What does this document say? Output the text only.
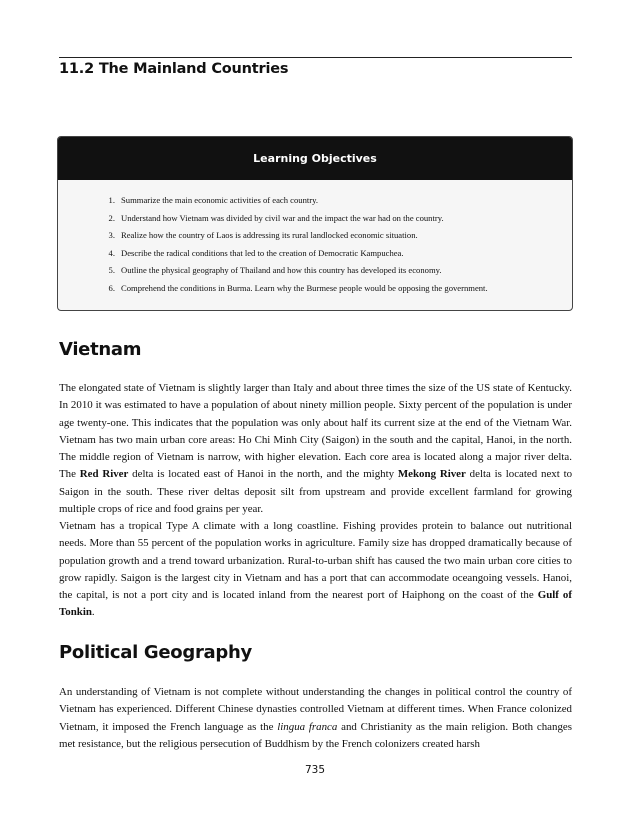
11.2 The Mainland Countries
Learning Objectives
1. Summarize the main economic activities of each country.
2. Understand how Vietnam was divided by civil war and the impact the war had on the country.
3. Realize how the country of Laos is addressing its rural landlocked economic situation.
4. Describe the radical conditions that led to the creation of Democratic Kampuchea.
5. Outline the physical geography of Thailand and how this country has developed its economy.
6. Comprehend the conditions in Burma. Learn why the Burmese people would be opposing the government.
Vietnam

The elongated state of Vietnam is slightly larger than Italy and about three times the size of the US state of Kentucky. In 2010 it was estimated to have a population of about ninety million people. Sixty percent of the population is under age twenty-one. This indicates that the population was only about half its current size at the end of the Vietnam War. Vietnam has two main urban core areas: Ho Chi Minh City (Saigon) in the south and the capital, Hanoi, in the north. The middle region of Vietnam is narrow, with higher elevation. Each core area is located along a major river delta. The Red River delta is located east of Hanoi in the north, and the mighty Mekong River delta is located next to Saigon in the south. These river deltas deposit silt from upstream and provide excellent farmland for growing multiple crops of rice and food grains per year.

Vietnam has a tropical Type A climate with a long coastline. Fishing provides protein to balance out nutritional needs. More than 55 percent of the population works in agriculture. Family size has dropped dramatically because of population growth and a trend toward urbanization. Rural-to-urban shift has caused the two main urban core cities to grow rapidly. Saigon is the largest city in Vietnam and has a port that can accommodate oceangoing vessels. Hanoi, the capital, is not a port city and is located inland from the nearest port of Haiphong on the coast of the Gulf of Tonkin.

Political Geography

An understanding of Vietnam is not complete without understanding the changes in political control the country of Vietnam has experienced. Different Chinese dynasties controlled Vietnam at different times. When France colonized Vietnam, it imposed the French language as the lingua franca and Christianity as the main religion. Both changes met resistance, but the religious persecution of Buddhism by the French colonizers created harsh

735
